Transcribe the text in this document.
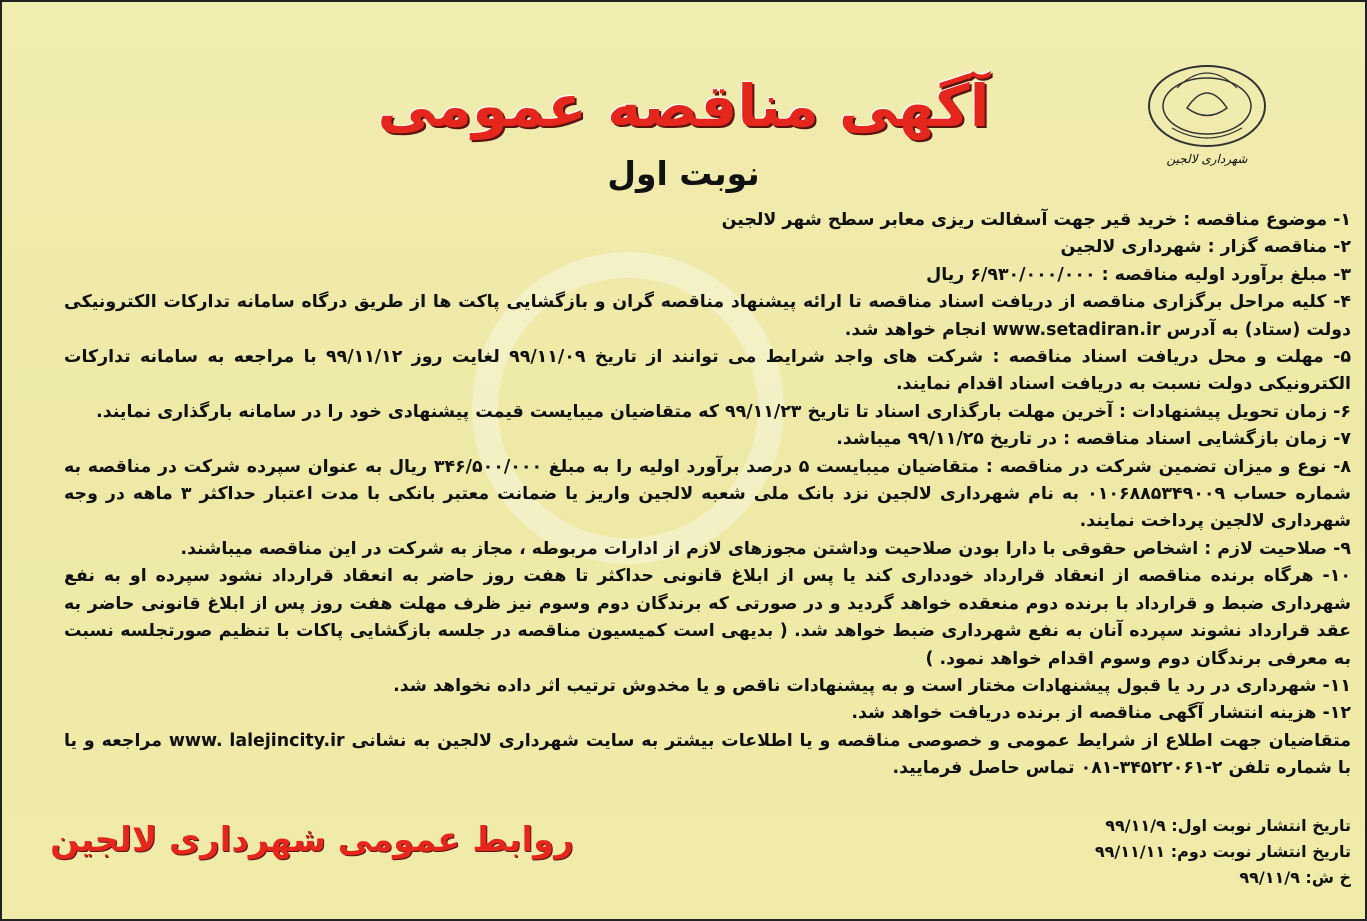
شهرداری لالجین
آگهی مناقصه عمومی
نوبت اول

۱- موضوع مناقصه : خرید قیر جهت آسفالت ریزی معابر سطح شهر لالجین

۲- مناقصه گزار : شهرداری لالجین

۳- مبلغ برآورد اولیه مناقصه : ۶/۹۳۰/۰۰۰/۰۰۰ ریال

۴- کلیه مراحل برگزاری مناقصه از دریافت اسناد مناقصه تا ارائه پیشنهاد مناقصه گران و بازگشایی پاکت ها از طریق درگاه سامانه تدارکات الکترونیکی دولت (ستاد) به آدرس www.setadiran.ir انجام خواهد شد.

۵- مهلت و محل دریافت اسناد مناقصه : شرکت های واجد شرایط می توانند از تاریخ ۹۹/۱۱/۰۹ لغایت روز ۹۹/۱۱/۱۲ با مراجعه به سامانه تدارکات الکترونیکی دولت نسبت به دریافت اسناد اقدام نمایند.

۶- زمان تحویل پیشنهادات : آخرین مهلت بارگذاری اسناد تا تاریخ ۹۹/۱۱/۲۳ که متقاضیان میبایست قیمت پیشنهادی خود را در سامانه بارگذاری نمایند.

۷- زمان بازگشایی اسناد مناقصه : در تاریخ ۹۹/۱۱/۲۵ میباشد.

۸- نوع و میزان تضمین شرکت در مناقصه : متقاضیان میبایست ۵ درصد برآورد اولیه را به مبلغ ۳۴۶/۵۰۰/۰۰۰ ریال به عنوان سپرده شرکت در مناقصه به شماره حساب ۰۱۰۶۸۸۵۳۴۹۰۰۹ به نام شهرداری لالجین نزد بانک ملی شعبه لالجین واریز یا ضمانت معتبر بانکی با مدت اعتبار حداکثر ۳ ماهه در وجه شهرداری لالجین پرداخت نمایند.

۹- صلاحیت لازم : اشخاص حقوقی با دارا بودن صلاحیت وداشتن مجوزهای لازم از ادارات مربوطه ، مجاز به شرکت در این مناقصه میباشند.

۱۰- هرگاه برنده مناقصه از انعقاد قرارداد خودداری کند یا پس از ابلاغ قانونی حداکثر تا هفت روز حاضر به انعقاد قرارداد نشود سپرده او به نفع شهرداری ضبط و قرارداد با برنده دوم منعقده خواهد گردید و در صورتی که برندگان دوم وسوم نیز ظرف مهلت هفت روز پس از ابلاغ قانونی حاضر به عقد قرارداد نشوند سپرده آنان به نفع شهرداری ضبط خواهد شد. ( بدیهی است کمیسیون مناقصه در جلسه بازگشایی پاکات با تنظیم صورتجلسه نسبت به معرفی برندگان دوم وسوم اقدام خواهد نمود. )

۱۱- شهرداری در رد یا قبول پیشنهادات مختار است و به پیشنهادات ناقص و یا مخدوش ترتیب اثر داده نخواهد شد.

۱۲- هزینه انتشار آگهی مناقصه از برنده دریافت خواهد شد.

متقاضیان جهت اطلاع از شرایط عمومی و خصوصی مناقصه و یا اطلاعات بیشتر به سایت شهرداری لالجین به نشانی www. lalejincity.ir مراجعه و یا با شماره تلفن ۲-۳۴۵۲۲۰۶۱-۰۸۱ تماس حاصل فرمایید.

روابط عمومی شهرداری لالجین	تاریخ انتشار نوبت اول: ۹۹/۱۱/۹
تاریخ انتشار نوبت دوم: ۹۹/۱۱/۱۱
خ ش: ۹۹/۱۱/۹
